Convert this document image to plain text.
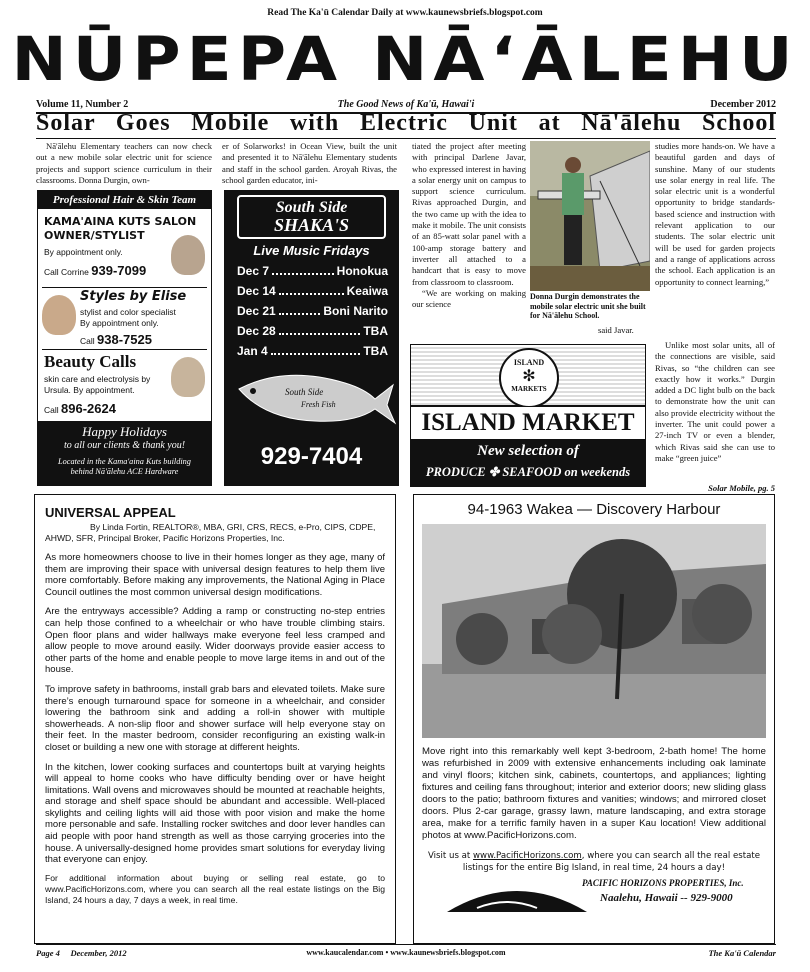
Read The Ka'ū Calendar Daily at www.kaunewsbriefs.blogspot.com
NŪPEPA NĀʻĀLEHU
Volume 11, Number 2	The Good News of Ka'ū, Hawai'i	December 2012
Solar Goes Mobile with Electric Unit at Nā'ālehu School

Nā'ālehu Elementary teachers can now check out a new mobile solar electric unit for science projects and support science curriculum in their classrooms. Donna Durgin, own-

er of Solarworks! in Ocean View, built the unit and presented it to Nā'ālehu Elementary students and staff in the school garden. Aroyah Rivas, the school garden educator, ini-

tiated the project after meeting with principal Darlene Javar, who expressed interest in having a solar energy unit on campus to support science curriculum. Rivas approached Durgin, and the two came up with the idea to make it mobile. The unit consists of an 85-watt solar panel with a 100-amp storage battery and inverter all attached to a handcart that is easy to move from classroom to classroom.

“We are working on making our science

said Javar.
Donna Durgin demonstrates the mobile solar electric unit she built for Nā'ālehu School.

studies more hands-on. We have a beautiful garden and days of sunshine. Many of our students use solar energy in real life. The solar electric unit is a wonderful opportunity to bridge standards-based science and instruction with relevant application to our students. The solar electric unit will be used for garden projects and a range of applications across the school. Each application is an opportunity to connect learning,”

Unlike most solar units, all of the connections are visible, said Rivas, so “the children can see exactly how it works.” Durgin added a DC light bulb on the back to demonstrate how the unit can also provide electricity without the inverter. The unit could power a 27-inch TV or even a blender, which Rivas said she can use to make “green juice”

Solar Mobile, pg. 5
Professional Hair & Skin Team
KAMA'AINA KUTS SALON
OWNER/STYLIST
By appointment only.
Call Corrine 939-7099
Styles by Elise
stylist and color specialist
By appointment only.
Call 938-7525
Beauty Calls
skin care and electrolysis by Ursula. By appointment.
Call 896-2624
Happy Holidays
to all our clients & thank you!
Located in the Kama'aina Kuts building behind Nā'ālehu ACE Hardware
South Side
SHAKA'S
Live Music Fridays
Dec 7	Honokua
Dec 14	Keaiwa
Dec 21	Boni Narito
Dec 28	TBA
Jan 4	TBA
South Side
Fresh Fish
929-7404
ISLAND
✻
MARKETS
ISLAND MARKET
New selection of
PRODUCE ✤ SEAFOOD on weekends
UNIVERSAL APPEAL
By Linda Fortin, REALTOR®, MBA, GRI, CRS, RECS, e-Pro, CIPS, CDPE, AHWD, SFR, Principal Broker, Pacific Horizons Properties, Inc.

As more homeowners choose to live in their homes longer as they age, many of them are improving their space with universal design features to help them live more comfortably. Before making any improvements, the National Aging in Place Council outlines the most common universal design modifications.

Are the entryways accessible? Adding a ramp or constructing no-step entries can help those confined to a wheelchair or who have trouble climbing stairs. Open floor plans and wider hallways make everyone feel less cramped and allow people to move around easily. Wider doorways provide easier access to other parts of the home and enable people to move large items in and out of the house.

To improve safety in bathrooms, install grab bars and elevated toilets. Make sure there’s enough turnaround space for someone in a wheelchair, and consider lowering the bathroom sink and adding a roll-in shower with multiple showerheads. A non-slip floor and shower surface will help everyone stay on their feet. In the master bedroom, consider reconfiguring an existing walk-in closet or building a new one with storage at different heights.

In the kitchen, lower cooking surfaces and countertops built at varying heights will appeal to home cooks who have difficulty bending over or have height limitations. Wall ovens and microwaves should be mounted at reachable heights, and storage and shelf space should be abundant and accessible. Well-placed skylights and ceiling lights will aid those with poor vision and make the home more personable and safe. Installing rocker switches and door lever handles can aid people with poor hand strength as well as those carrying groceries into the house. A universally-designed home provides smart solutions for everyday living that everyone can enjoy.

For additional information about buying or selling real estate, go to www.PacificHorizons.com, where you can search all the real estate listings on the Big Island, 24 hours a day, 7 days a week, in real time.

94-1963 Wakea — Discovery Harbour
Move right into this remarkably well kept 3-bedroom, 2-bath home! The home was refurbished in 2009 with extensive enhancements including oak laminate and vinyl floors; kitchen sink, cabinets, countertops, and appliances; lighting fixtures and ceiling fans throughout; interior and exterior doors; new sliding glass doors to the patio; bathroom fixtures and vanities; windows; and mirrored closet doors. Plus 2-car garage, grassy lawn, mature landscaping, and extra storage area, make for a terrific family haven in a super Kau location! View additional photos at www.PacificHorizons.com.
Visit us at www.PacificHorizons.com, where you can search all the real estate listings for the entire Big Island, in real time, 24 hours a day!
PACIFIC HORIZONS PROPERTIES, Inc.
Naalehu, Hawaii -- 929-9000
Page 4     December, 2012	www.kaucalendar.com • www.kaunewsbriefs.blogspot.com	The Ka'ū Calendar
